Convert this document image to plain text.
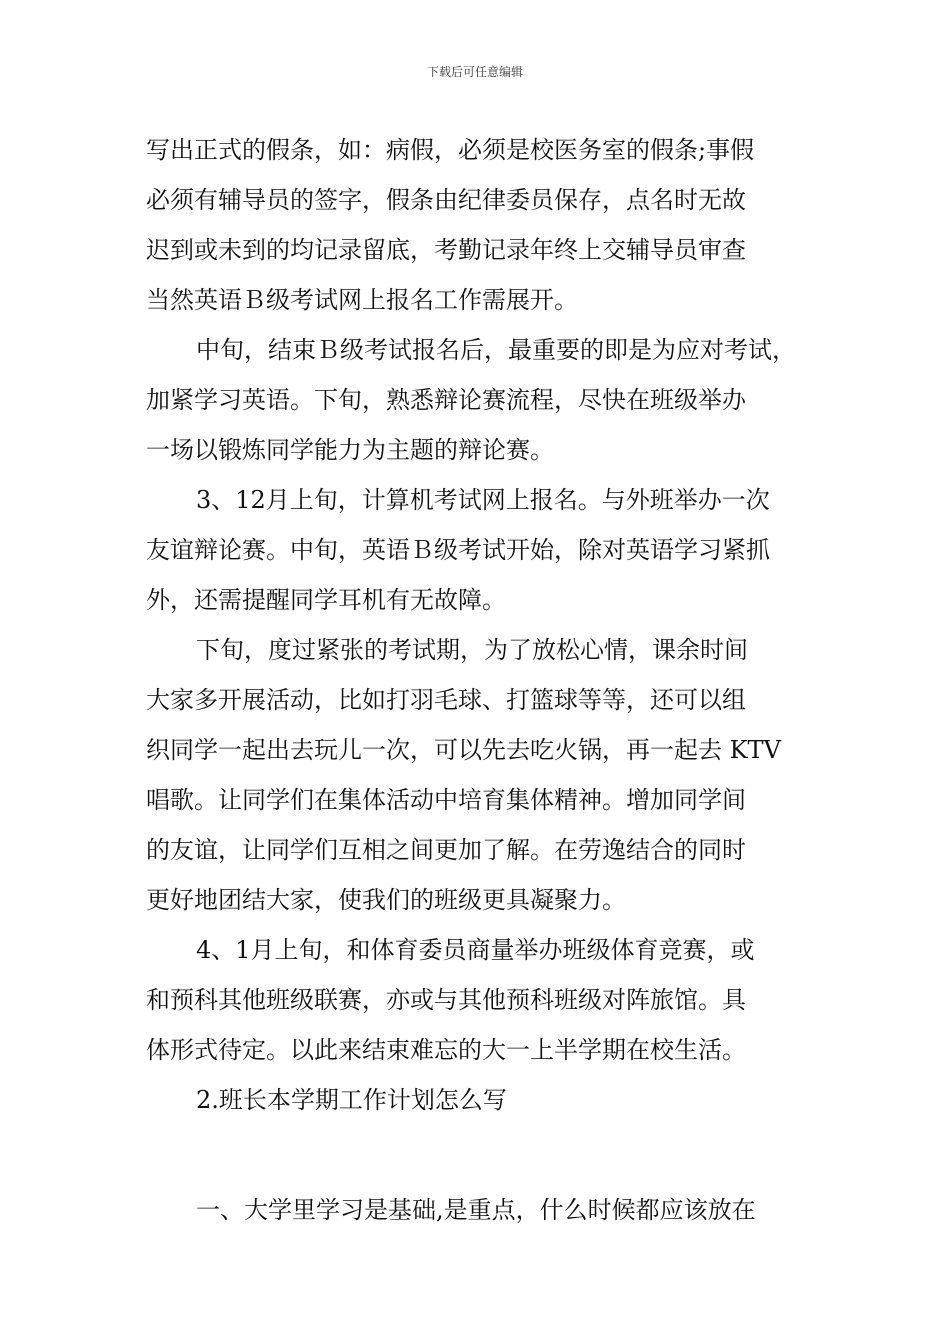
下载后可任意编辑
写出正式的假条，如：病假，必须是校医务室的假条;事假
必须有辅导员的签字，假条由纪律委员保存，点名时无故
迟到或未到的均记录留底，考勤记录年终上交辅导员审查
当然英语Ｂ级考试网上报名工作需展开。
中旬，结束Ｂ级考试报名后，最重要的即是为应对考试，
加紧学习英语。下旬，熟悉辩论赛流程，尽快在班级举办
一场以锻炼同学能力为主题的辩论赛。
3、12月上旬，计算机考试网上报名。与外班举办一次
友谊辩论赛。中旬，英语Ｂ级考试开始，除对英语学习紧抓
外，还需提醒同学耳机有无故障。
下旬，度过紧张的考试期，为了放松心情，课余时间
大家多开展活动，比如打羽毛球、打篮球等等，还可以组
织同学一起出去玩儿一次，可以先去吃火锅，再一起去 KTV
唱歌。让同学们在集体活动中培育集体精神。增加同学间
的友谊，让同学们互相之间更加了解。在劳逸结合的同时
更好地团结大家，使我们的班级更具凝聚力。
4、1月上旬，和体育委员商量举办班级体育竞赛，或
和预科其他班级联赛，亦或与其他预科班级对阵旅馆。具
体形式待定。以此来结束难忘的大一上半学期在校生活。
2.班长本学期工作计划怎么写
一、大学里学习是基础,是重点，什么时候都应该放在
